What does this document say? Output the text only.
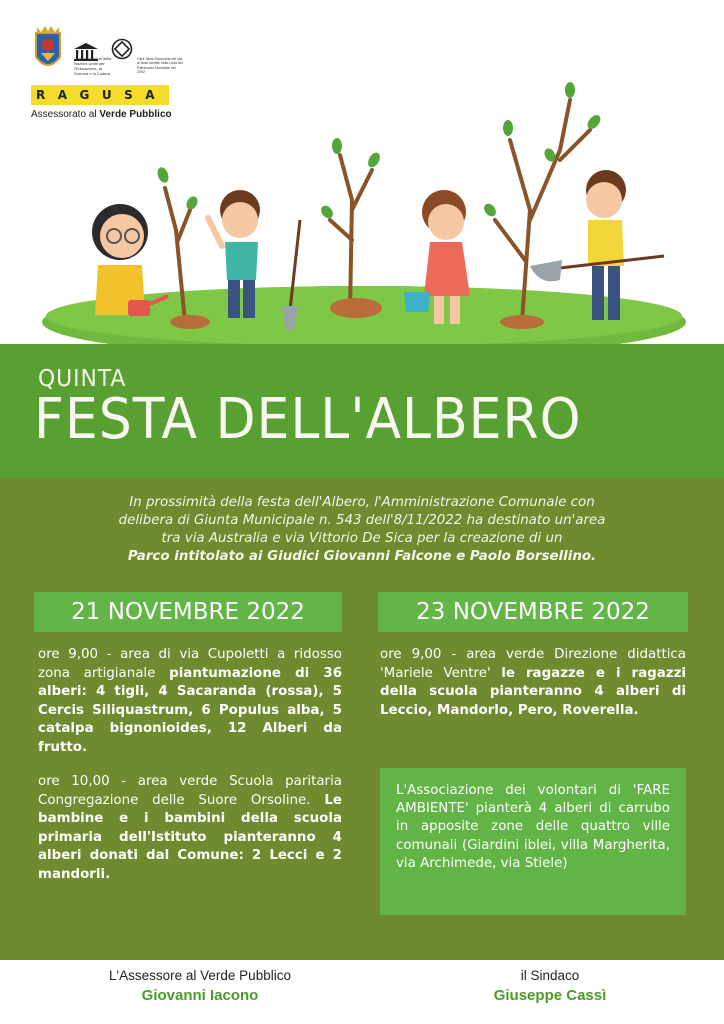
Organizzazione delle Nazioni Unite per l'Educazione, la Scienza e la Cultura
Città Tardo Barocche del Val di Noto iscritte nella Lista del Patrimonio Mondiale nel 2002
RAGUSA
Assessorato al Verde Pubblico
QUINTA
FESTA DELL'ALBERO
In prossimità della festa dell'Albero, l'Amministrazione Comunale con
delibera di Giunta Municipale n. 543 dell'8/11/2022 ha destinato un'area
tra via Australia e via Vittorio De Sica per la creazione di un
Parco intitolato ai Giudici Giovanni Falcone e Paolo Borsellino.
21 NOVEMBRE 2022	23 NOVEMBRE 2022
ore 9,00 - area di via Cupoletti a ridosso zona artigianale piantumazione di 36 alberi: 4 tigli, 4 Sacaranda (rossa), 5 Cercis Siliquastrum, 6 Populus alba, 5 catalpa bignonioides, 12 Alberi da frutto.
ore 10,00 - area verde Scuola paritaria Congregazione delle Suore Orsoline. Le bambine e i bambini della scuola primaria dell'Istituto pianteranno 4 alberi donati dal Comune: 2 Lecci e 2 mandorli.
ore 9,00 - area verde Direzione didattica 'Mariele Ventre' le ragazze e i ragazzi della scuola pianteranno 4 alberi di Leccio, Mandorlo, Pero, Roverella.
L'Associazione dei volontari di 'FARE AMBIENTE' pianterà 4 alberi di carrubo in apposite zone delle quattro ville comunali (Giardini iblei, villa Margherita, via Archimede, via Stiele)
L'Assessore al Verde Pubblico
Giovanni Iacono
il Sindaco
Giuseppe Cassì
